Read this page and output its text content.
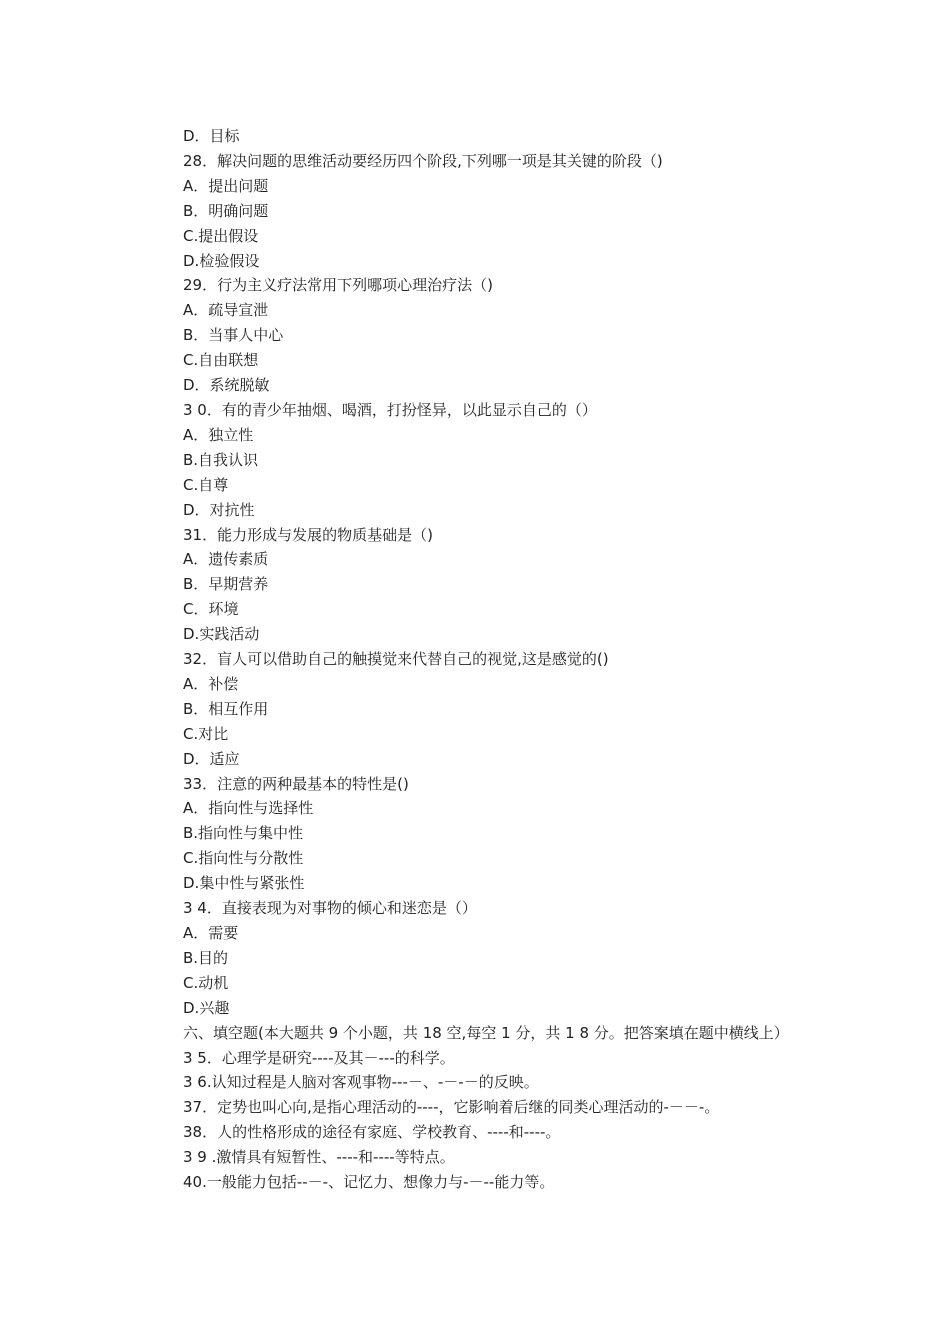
D．目标
28．解决问题的思维活动要经历四个阶段,下列哪一项是其关键的阶段（)
A．提出问题
B．明确问题
C.提出假设
D.检验假设
29．行为主义疗法常用下列哪项心理治疗法（)
A．疏导宣泄
B．当事人中心
C.自由联想
D．系统脱敏
3 0．有的青少年抽烟、喝酒，打扮怪异，以此显示自己的（）
A．独立性
B.自我认识
C.自尊
D．对抗性
31．能力形成与发展的物质基础是（)
A．遗传素质
B．早期营养
C．环境
D.实践活动
32．盲人可以借助自己的触摸觉来代替自己的视觉,这是感觉的()
A．补偿
B．相互作用
C.对比
D．适应
33．注意的两种最基本的特性是()
A．指向性与选择性
B.指向性与集中性
C.指向性与分散性
D.集中性与紧张性
3 4．直接表现为对事物的倾心和迷恋是（）
A．需要
B.目的
C.动机
D.兴趣
六、填空题(本大题共 9 个小题，共 18 空,每空 1 分，共 1 8 分。把答案填在题中横线上）
3 5．心理学是研究----及其－---的科学。
3 6.认知过程是人脑对客观事物---－、-－-－的反映。
37．定势也叫心向,是指心理活动的----，它影响着后继的同类心理活动的-－－-。
38．人的性格形成的途径有家庭、学校教育、----和----。
3 9 .激情具有短暂性、----和----等特点。
40.一般能力包括--－-、记忆力、想像力与-－--能力等。
